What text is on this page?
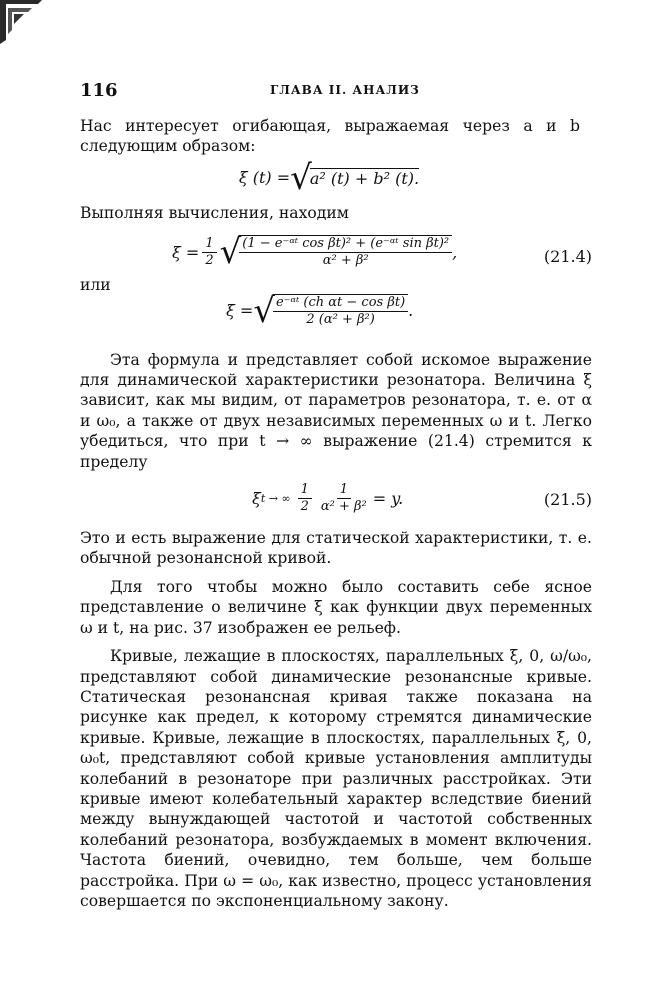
116	ГЛАВА II. АНАЛИЗ

Нас интересует огибающая, выражаемая через a и b следующим образом:

ξ (t) = √
a² (t) + b² (t).

Выполняя вычисления, находим

$\xi = \frac{1}{2}$ √
$\frac{\text{(1 − e⁻ᵅᵗ cos βt)² + (e⁻ᵅᵗ sin βt)²}}{\text{α² + β²}}$ ,	(21.4)

или

ξ = √
$\frac{\text{e⁻ᵅᵗ (ch αt − cos βt)}}{\text{2 (α² + β²)}}$ .

Эта формула и представляет собой искомое выражение для динамической характеристики резонатора. Величина ξ зависит, как мы видим, от параметров резонатора, т. е. от α и ω₀, а также от двух независимых переменных ω и t. Легко убедиться, что при t → ∞ выражение (21.4) стремится к пределу

ξ t → ∞ $\frac{1}{2} \frac{1}{\text{α² + β²}} = y$.	(21.5)

Это и есть выражение для статической характеристики, т. е. обычной резонансной кривой.

Для того чтобы можно было составить себе ясное представление о величине ξ как функции двух переменных ω и t, на рис. 37 изображен ее рельеф.

Кривые, лежащие в плоскостях, параллельных ξ, 0, ω/ω₀, представляют собой динамические резонансные кривые. Статическая резонансная кривая также показана на рисунке как предел, к которому стремятся динамические кривые. Кривые, лежащие в плоскостях, параллельных ξ, 0, ω₀t, представляют собой кривые установления амплитуды колебаний в резонаторе при различных расстройках. Эти кривые имеют колебательный характер вследствие биений между вынуждающей частотой и частотой собственных колебаний резонатора, возбуждаемых в момент включения. Частота биений, очевидно, тем больше, чем больше расстройка. При ω = ω₀, как известно, процесс установления совершается по экспоненциальному закону.
